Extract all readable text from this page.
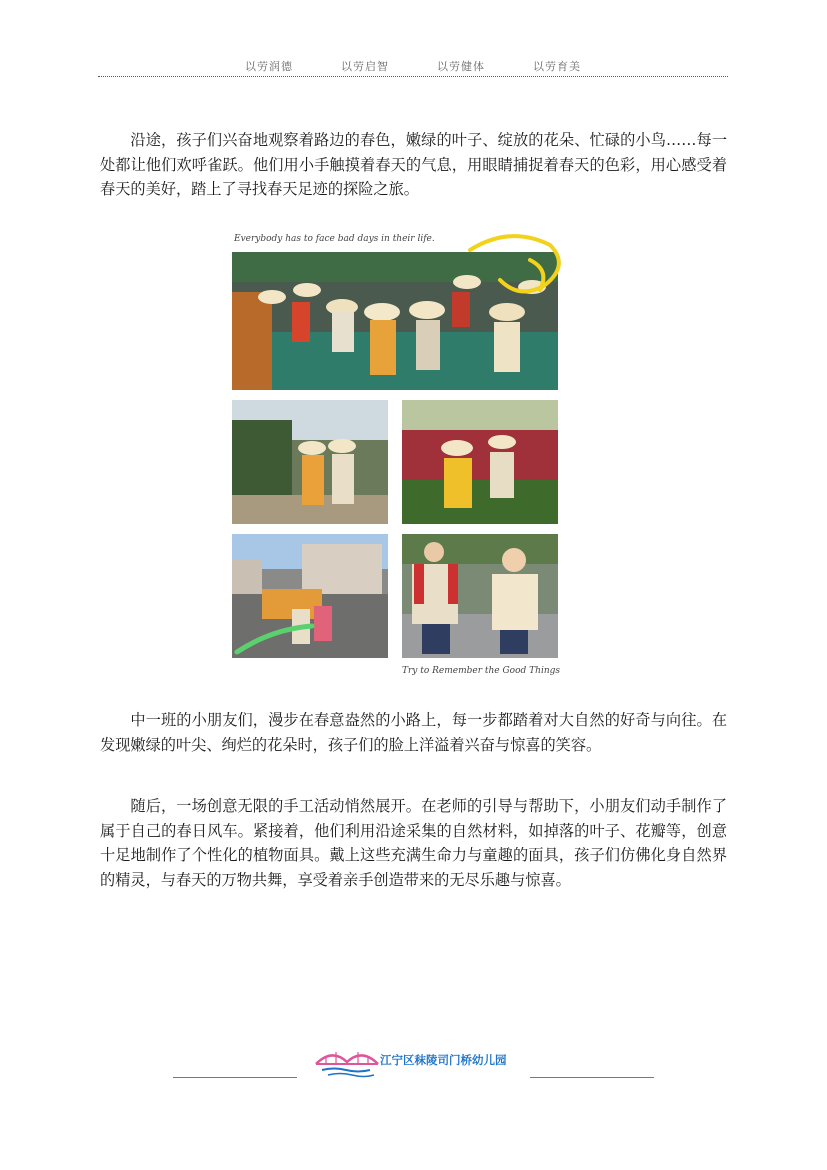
以劳润德	以劳启智	以劳健体	以劳育美

沿途，孩子们兴奋地观察着路边的春色，嫩绿的叶子、绽放的花朵、忙碌的小鸟……每一处都让他们欢呼雀跃。他们用小手触摸着春天的气息，用眼睛捕捉着春天的色彩，用心感受着春天的美好，踏上了寻找春天足迹的探险之旅。

Everybody has to face bad days in their life.
Try to Remember the Good Things

中一班的小朋友们，漫步在春意盎然的小路上，每一步都踏着对大自然的好奇与向往。在发现嫩绿的叶尖、绚烂的花朵时，孩子们的脸上洋溢着兴奋与惊喜的笑容。

随后，一场创意无限的手工活动悄然展开。在老师的引导与帮助下，小朋友们动手制作了属于自己的春日风车。紧接着，他们利用沿途采集的自然材料，如掉落的叶子、花瓣等，创意十足地制作了个性化的植物面具。戴上这些充满生命力与童趣的面具，孩子们仿佛化身自然界的精灵，与春天的万物共舞，享受着亲手创造带来的无尽乐趣与惊喜。

江宁区秣陵司门桥幼儿园
